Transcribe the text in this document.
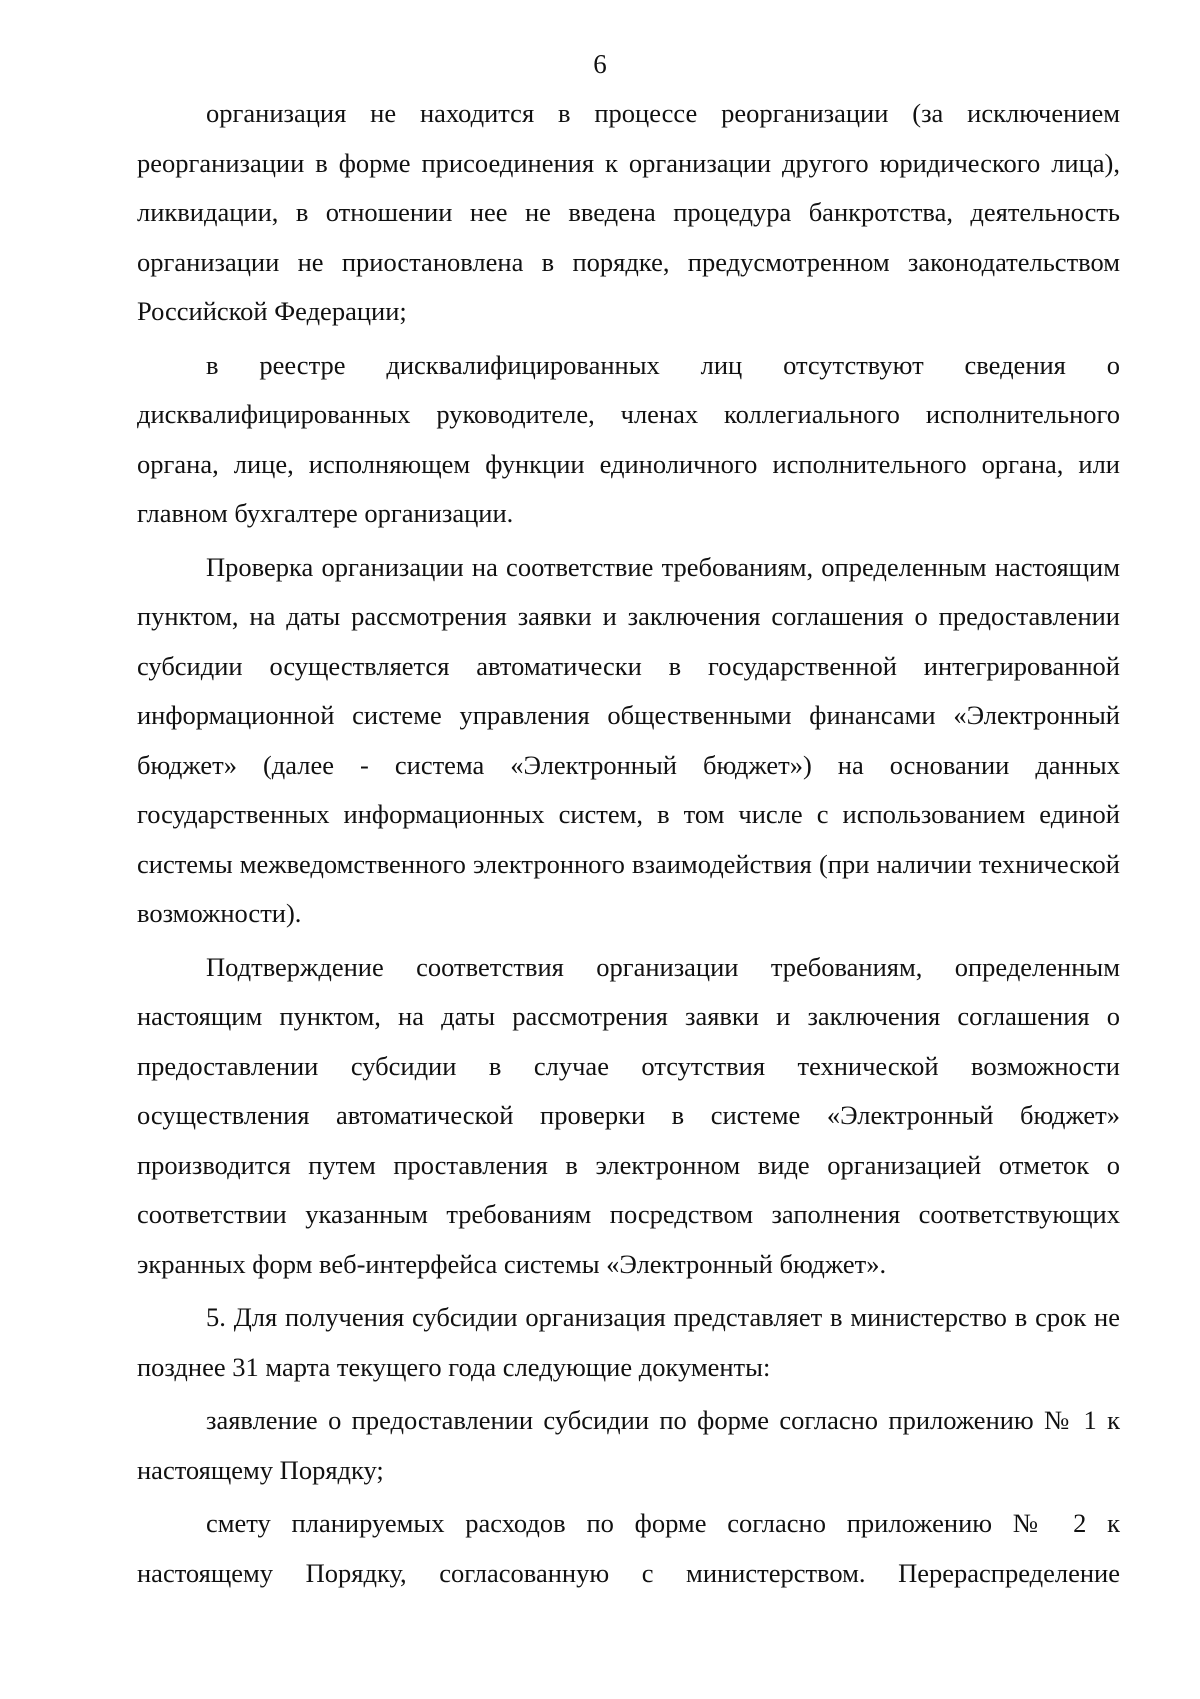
6

организация не находится в процессе реорганизации (за исключением реорганизации в форме присоединения к организации другого юридического лица), ликвидации, в отношении нее не введена процедура банкротства, деятельность организации не приостановлена в порядке, предусмотренном законодательством Российской Федерации;

в реестре дисквалифицированных лиц отсутствуют сведения о дисквалифицированных руководителе, членах коллегиального исполнительного органа, лице, исполняющем функции единоличного исполнительного органа, или главном бухгалтере организации.

Проверка организации на соответствие требованиям, определенным настоящим пунктом, на даты рассмотрения заявки и заключения соглашения о предоставлении субсидии осуществляется автоматически в государственной интегрированной информационной системе управления общественными финансами «Электронный бюджет» (далее - система «Электронный бюджет») на основании данных государственных информационных систем, в том числе с использованием единой системы межведомственного электронного взаимодействия (при наличии технической возможности).

Подтверждение соответствия организации требованиям, определенным настоящим пунктом, на даты рассмотрения заявки и заключения соглашения о предоставлении субсидии в случае отсутствия технической возможности осуществления автоматической проверки в системе «Электронный бюджет» производится путем проставления в электронном виде организацией отметок о соответствии указанным требованиям посредством заполнения соответствующих экранных форм веб-интерфейса системы «Электронный бюджет».

5. Для получения субсидии организация представляет в министерство в срок не позднее 31 марта текущего года следующие документы:

заявление о предоставлении субсидии по форме согласно приложению № 1 к настоящему Порядку;

смету планируемых расходов по форме согласно приложению № 2 к настоящему Порядку, согласованную с министерством. Перераспределение
